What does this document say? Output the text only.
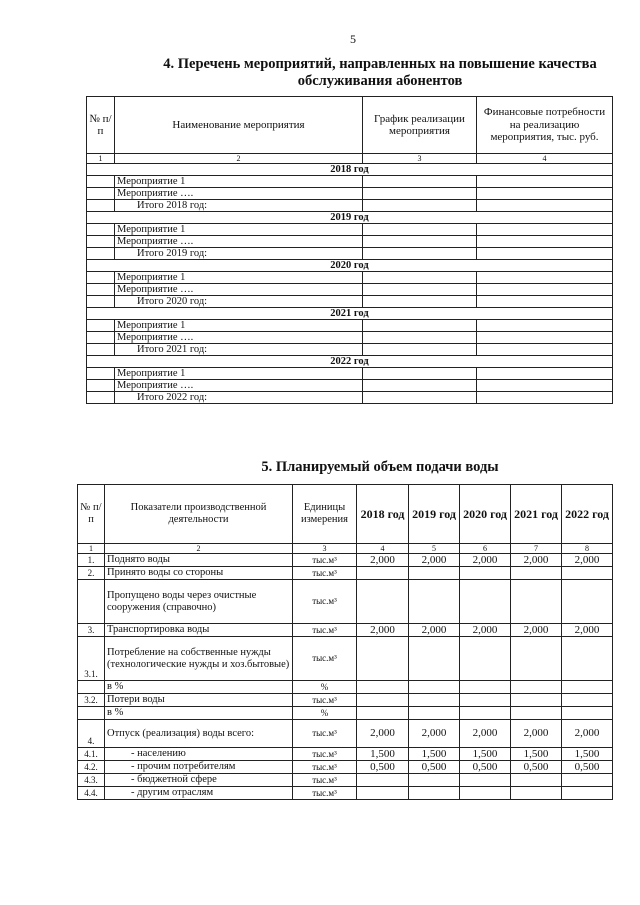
5
4. Перечень мероприятий, направленных на повышение качества обслуживания абонентов
№ п/п	Наименование мероприятия	График реализации мероприятия	Финансовые потребности на реализацию мероприятия, тыс. руб.
1	2	3	4
2018 год			
	Мероприятие 1		
	Мероприятие ….		
	Итого 2018 год:		
2019 год			
	Мероприятие 1		
	Мероприятие ….		
	Итого 2019 год:		
2020 год			
	Мероприятие 1		
	Мероприятие ….		
	Итого 2020 год:		
2021 год			
	Мероприятие 1		
	Мероприятие ….		
	Итого 2021 год:		
2022 год			
	Мероприятие 1		
	Мероприятие ….		
	Итого 2022 год:		
5. Планируемый объем подачи воды
№ п/п	Показатели производственной деятельности	Единицы измерения	2018 год	2019 год	2020 год	2021 год	2022 год
1	2	3	4	5	6	7	8
1.	Поднято воды	тыс.м³	2,000	2,000	2,000	2,000	2,000
2.	Принято воды со стороны	тыс.м³					
	Пропущено воды через очистные сооружения (справочно)	тыс.м³					
3.	Транспортировка воды	тыс.м³	2,000	2,000	2,000	2,000	2,000
3.1.	Потребление на собственные нужды (технологические нужды и хоз.бытовые)	тыс.м³					
	в %	%					
3.2.	Потери воды	тыс.м³					
	в %	%					
4.	Отпуск (реализация) воды всего:	тыс.м³	2,000	2,000	2,000	2,000	2,000
4.1.	- населению	тыс.м³	1,500	1,500	1,500	1,500	1,500
4.2.	- прочим потребителям	тыс.м³	0,500	0,500	0,500	0,500	0,500
4.3.	- бюджетной сфере	тыс.м³					
4.4.	- другим отраслям	тыс.м³					
